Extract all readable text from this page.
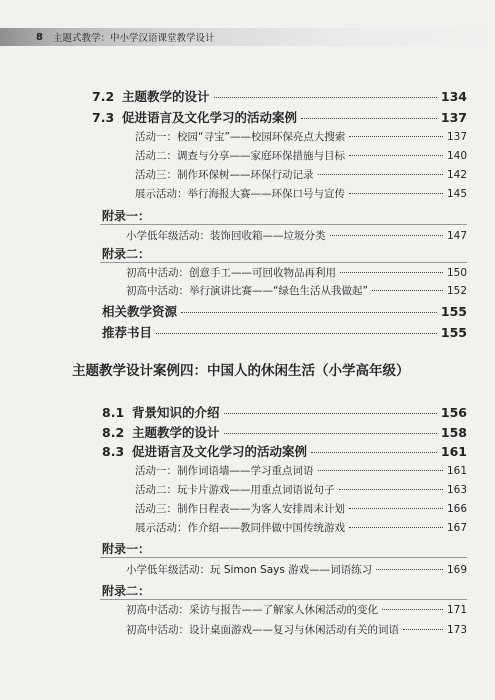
8 主题式教学：中小学汉语课堂教学设计
7.2 主题教学的设计	134
7.3 促进语言及文化学习的活动案例	137
活动一：校园“寻宝”——校园环保亮点大搜索	137
活动二：调查与分享——家庭环保措施与目标	140
活动三：制作环保树——环保行动记录	142
展示活动：举行海报大赛——环保口号与宣传	145
附录一：
小学低年级活动：装饰回收箱——垃圾分类	147
附录二：
初高中活动：创意手工——可回收物品再利用	150
初高中活动：举行演讲比赛——“绿色生活从我做起”	152
相关教学资源	155
推荐书目	155
主题教学设计案例四：中国人的休闲生活（小学高年级）
8.1 背景知识的介绍	156
8.2 主题教学的设计	158
8.3 促进语言及文化学习的活动案例	161
活动一：制作词语墙——学习重点词语	161
活动二：玩卡片游戏——用重点词语说句子	163
活动三：制作日程表——为客人安排周末计划	166
展示活动：作介绍——教同伴做中国传统游戏	167
附录一：
小学低年级活动：玩 Simon Says 游戏——词语练习	169
附录二：
初高中活动：采访与报告——了解家人休闲活动的变化	171
初高中活动：设计桌面游戏——复习与休闲活动有关的词语	173
